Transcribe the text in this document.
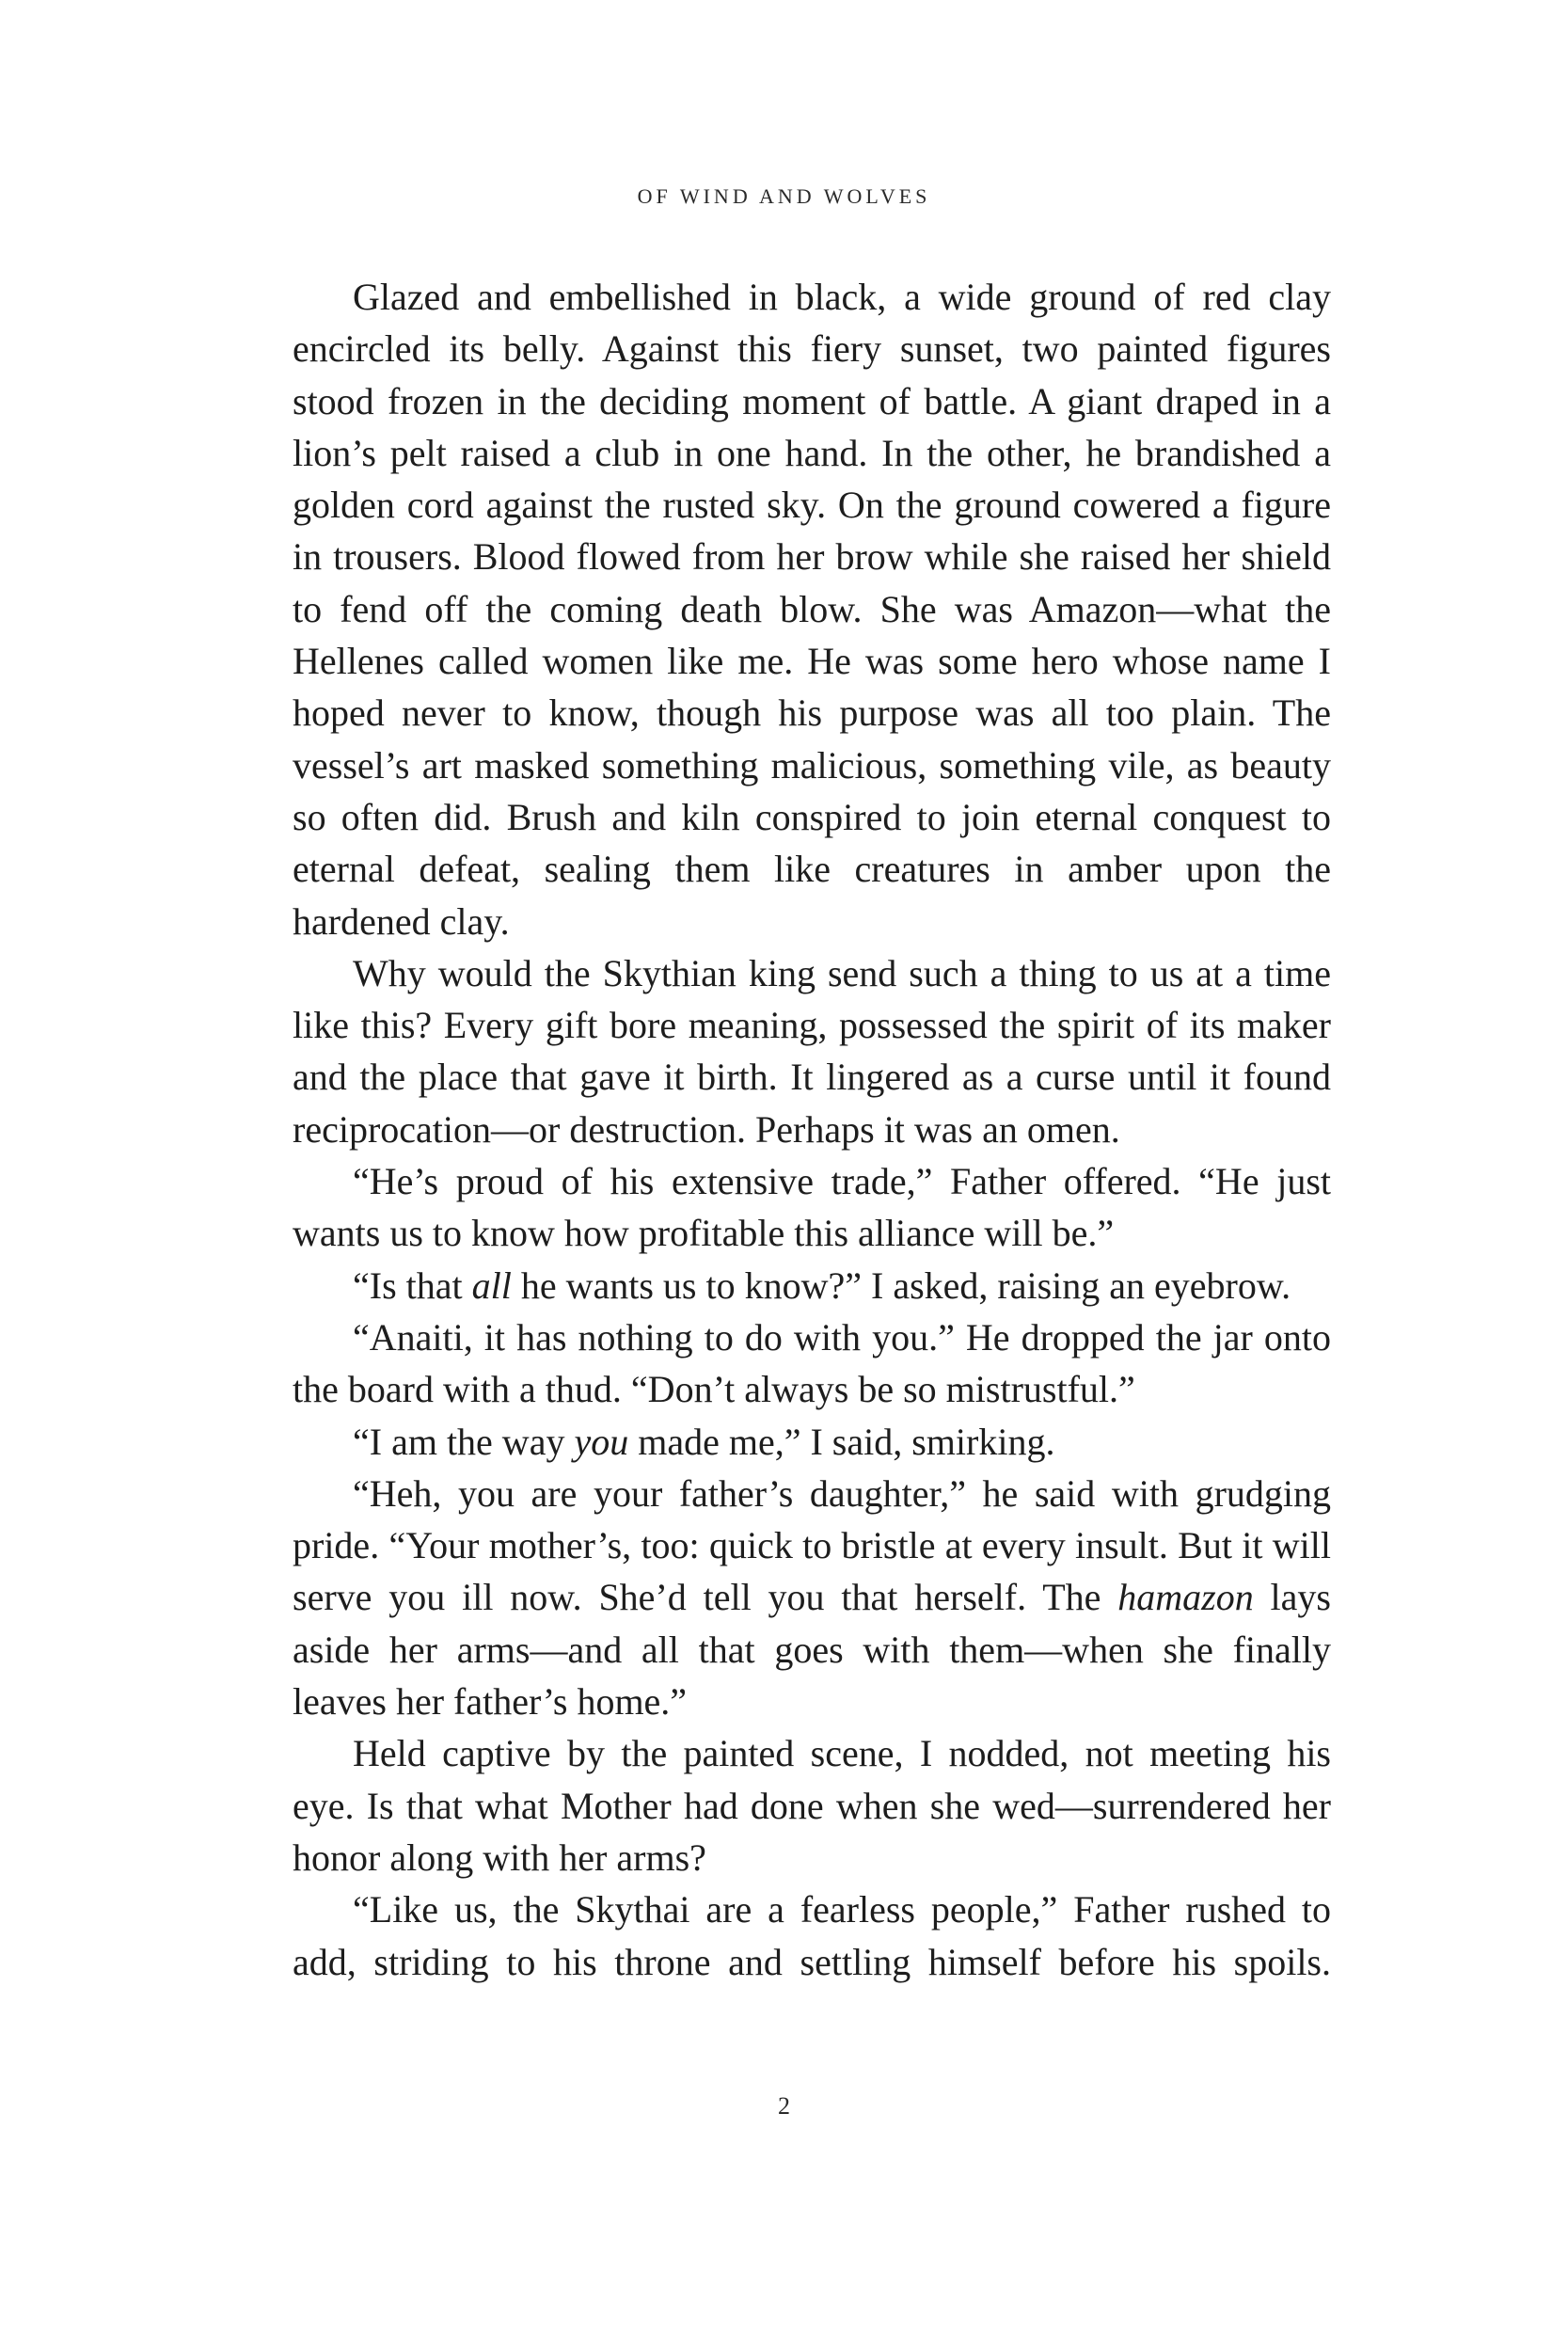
OF WIND AND WOLVES

Glazed and embellished in black, a wide ground of red clay encircled its belly. Against this fiery sunset, two painted figures stood frozen in the deciding moment of battle. A giant draped in a lion’s pelt raised a club in one hand. In the other, he brandished a golden cord against the rusted sky. On the ground cowered a figure in trousers. Blood flowed from her brow while she raised her shield to fend off the coming death blow. She was Amazon—what the Hellenes called women like me. He was some hero whose name I hoped never to know, though his purpose was all too plain. The vessel’s art masked something malicious, something vile, as beauty so often did. Brush and kiln conspired to join eternal conquest to eternal defeat, sealing them like creatures in amber upon the hardened clay.

Why would the Skythian king send such a thing to us at a time like this? Every gift bore meaning, possessed the spirit of its maker and the place that gave it birth. It lingered as a curse until it found reciprocation—or destruction. Perhaps it was an omen.

“He’s proud of his extensive trade,” Father offered. “He just wants us to know how profitable this alliance will be.”

“Is that all he wants us to know?” I asked, raising an eyebrow.

“Anaiti, it has nothing to do with you.” He dropped the jar onto the board with a thud. “Don’t always be so mistrustful.”

“I am the way you made me,” I said, smirking.

“Heh, you are your father’s daughter,” he said with grudging pride. “Your mother’s, too: quick to bristle at every insult. But it will serve you ill now. She’d tell you that herself. The hamazon lays aside her arms—and all that goes with them—when she finally leaves her father’s home.”

Held captive by the painted scene, I nodded, not meeting his eye. Is that what Mother had done when she wed—surrendered her honor along with her arms?

“Like us, the Skythai are a fearless people,” Father rushed to add, striding to his throne and settling himself before his spoils.

2
